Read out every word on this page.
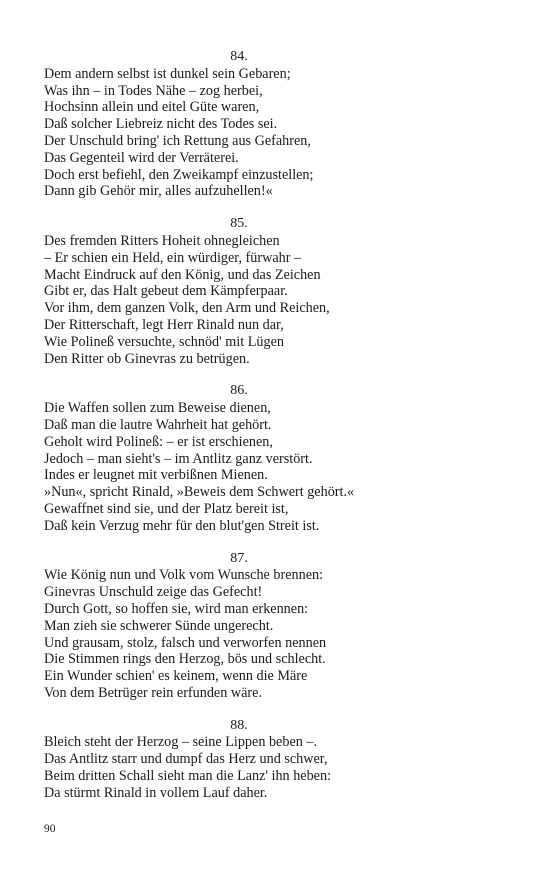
84.
Dem andern selbst ist dunkel sein Gebaren;
Was ihn – in Todes Nähe – zog herbei,
Hochsinn allein und eitel Güte waren,
Daß solcher Liebreiz nicht des Todes sei.
Der Unschuld bring' ich Rettung aus Gefahren,
Das Gegenteil wird der Verräterei.
Doch erst befiehl, den Zweikampf einzustellen;
Dann gib Gehör mir, alles aufzuhellen!«
85.
Des fremden Ritters Hoheit ohnegleichen
– Er schien ein Held, ein würdiger, fürwahr –
Macht Eindruck auf den König, und das Zeichen
Gibt er, das Halt gebeut dem Kämpferpaar.
Vor ihm, dem ganzen Volk, den Arm und Reichen,
Der Ritterschaft, legt Herr Rinald nun dar,
Wie Polineß versuchte, schnöd' mit Lügen
Den Ritter ob Ginevras zu betrügen.
86.
Die Waffen sollen zum Beweise dienen,
Daß man die lautre Wahrheit hat gehört.
Geholt wird Polineß: – er ist erschienen,
Jedoch – man sieht's – im Antlitz ganz verstört.
Indes er leugnet mit verbißnen Mienen.
»Nun«, spricht Rinald, »Beweis dem Schwert gehört.«
Gewaffnet sind sie, und der Platz bereit ist,
Daß kein Verzug mehr für den blut'gen Streit ist.
87.
Wie König nun und Volk vom Wunsche brennen:
Ginevras Unschuld zeige das Gefecht!
Durch Gott, so hoffen sie, wird man erkennen:
Man zieh sie schwerer Sünde ungerecht.
Und grausam, stolz, falsch und verworfen nennen
Die Stimmen rings den Herzog, bös und schlecht.
Ein Wunder schien' es keinem, wenn die Märe
Von dem Betrüger rein erfunden wäre.
88.
Bleich steht der Herzog – seine Lippen beben –.
Das Antlitz starr und dumpf das Herz und schwer,
Beim dritten Schall sieht man die Lanz' ihn heben:
Da stürmt Rinald in vollem Lauf daher.
90
